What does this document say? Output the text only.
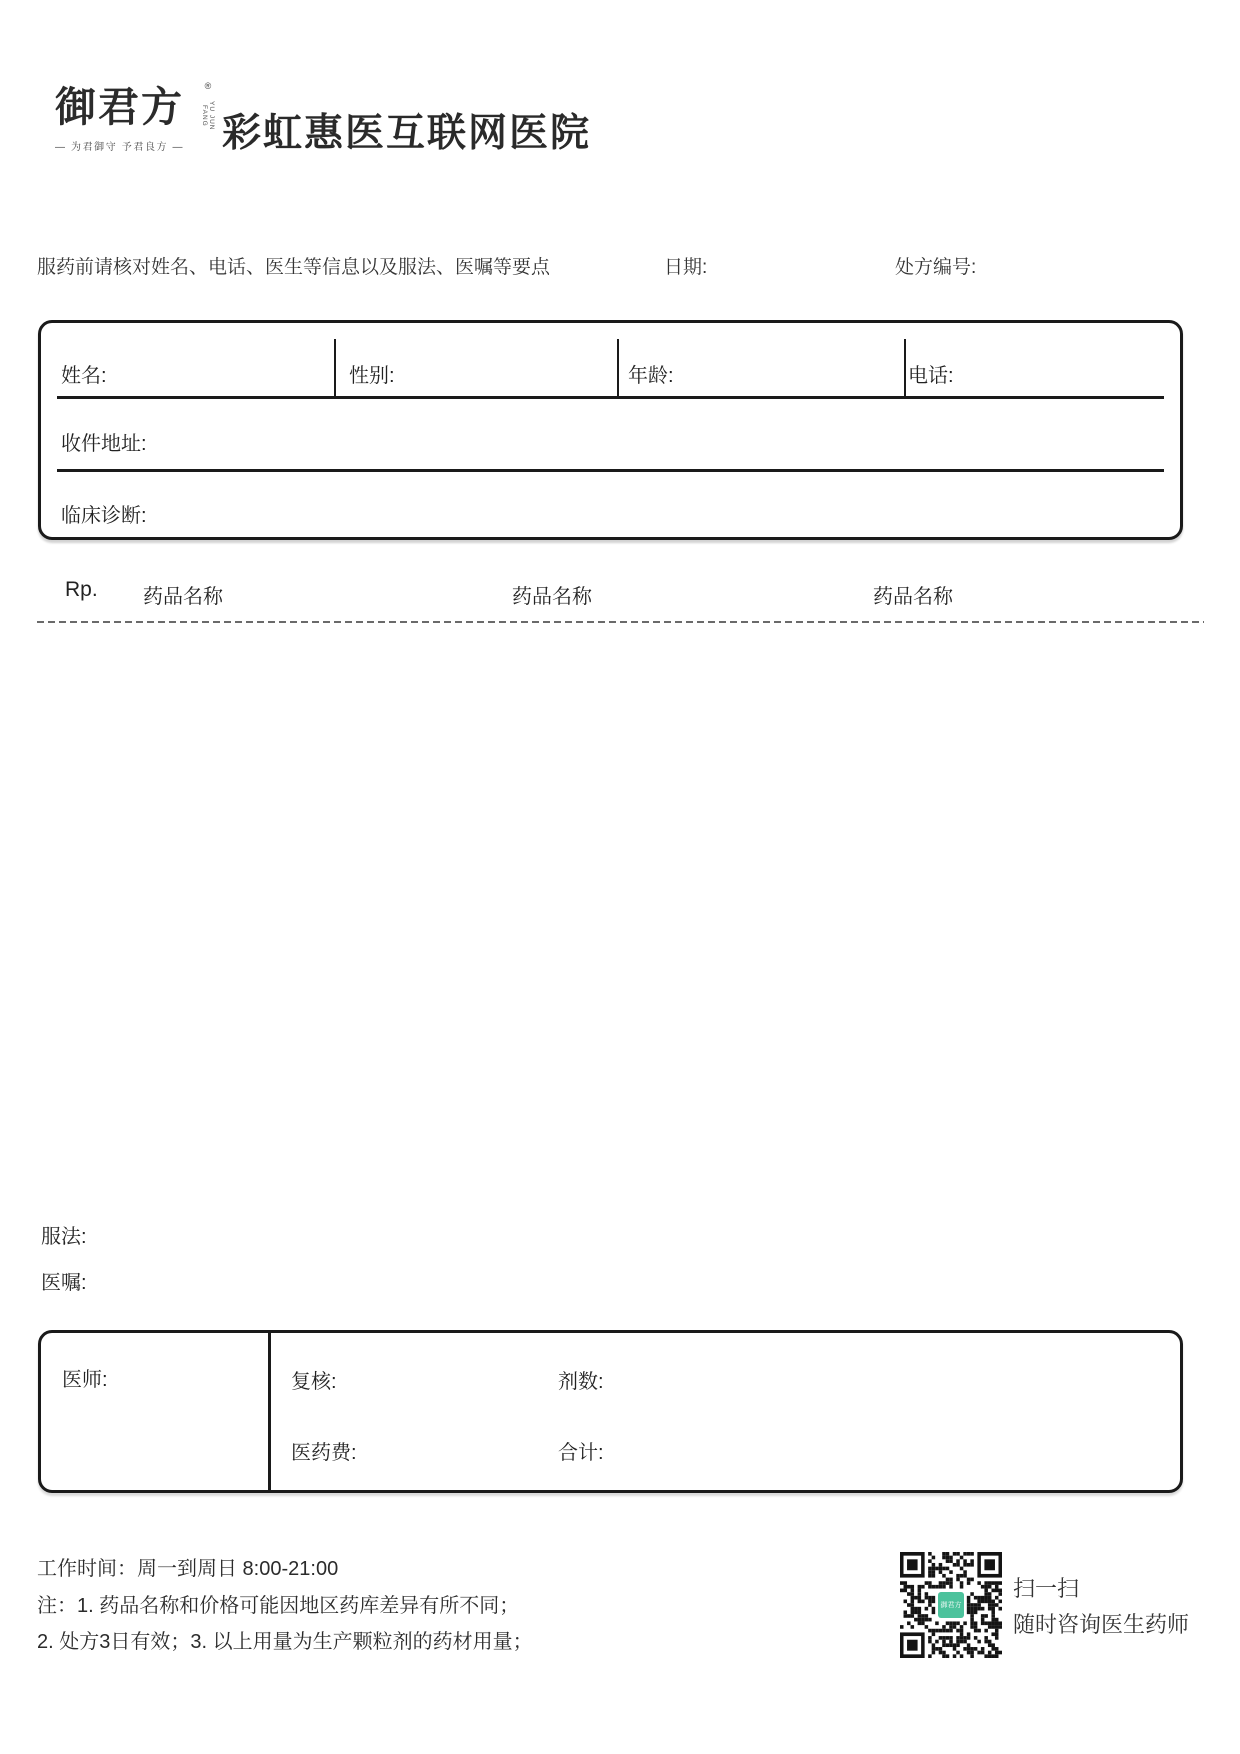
御君方	®
YU JUN FANG
— 为君御守 予君良方 — 彩虹惠医互联网医院
服药前请核对姓名、电话、医生等信息以及服法、医嘱等要点	日期:	处方编号:
姓名:	性别:	年龄:	电话:
收件地址:
临床诊断:
Rp. 药品名称	药品名称	药品名称
服法:
医嘱:
医师:	复核:	剂数:
医药费:	合计:
工作时间：周一到周日 8:00-21:00
注：1. 药品名称和价格可能因地区药库差异有所不同；
2. 处方3日有效；3. 以上用量为生产颗粒剂的药材用量；
御君方
扫一扫
随时咨询医生药师
